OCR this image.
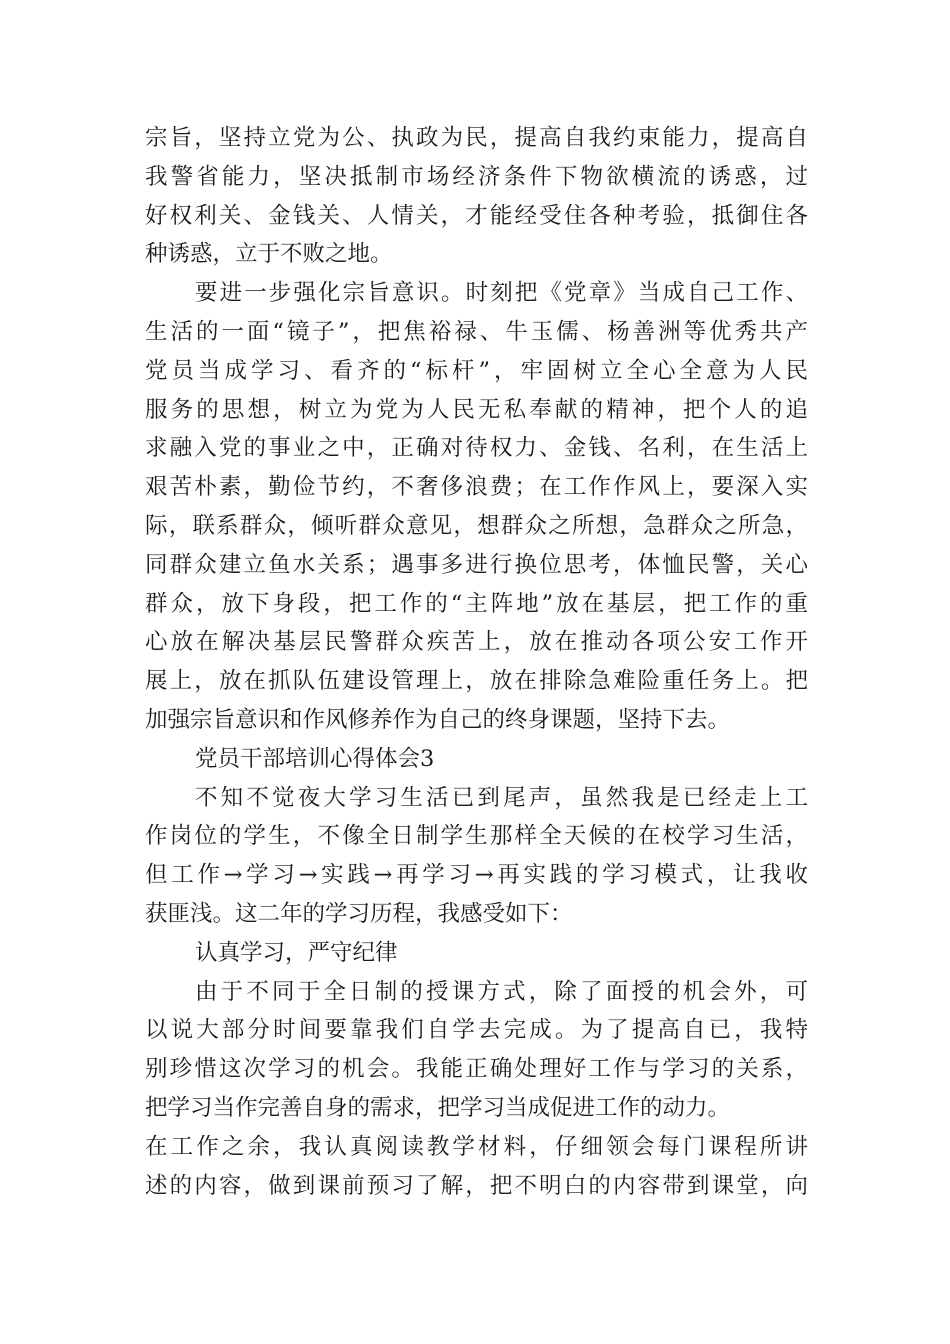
宗旨，坚持立党为公、执政为民，提高自我约束能力，提高自
我警省能力，坚决抵制市场经济条件下物欲横流的诱惑，过
好权利关、金钱关、人情关，才能经受住各种考验，抵御住各
种诱惑，立于不败之地。
要进一步强化宗旨意识。时刻把《党章》当成自己工作、
生活的一面“镜子”，把焦裕禄、牛玉儒、杨善洲等优秀共产
党员当成学习、看齐的“标杆”，牢固树立全心全意为人民
服务的思想，树立为党为人民无私奉献的精神，把个人的追
求融入党的事业之中，正确对待权力、金钱、名利，在生活上
艰苦朴素，勤俭节约，不奢侈浪费；在工作作风上，要深入实
际，联系群众，倾听群众意见，想群众之所想，急群众之所急，
同群众建立鱼水关系；遇事多进行换位思考，体恤民警，关心
群众，放下身段，把工作的“主阵地”放在基层，把工作的重
心放在解决基层民警群众疾苦上，放在推动各项公安工作开
展上，放在抓队伍建设管理上，放在排除急难险重任务上。把
加强宗旨意识和作风修养作为自己的终身课题，坚持下去。
党员干部培训心得体会3
不知不觉夜大学习生活已到尾声，虽然我是已经走上工
作岗位的学生，不像全日制学生那样全天候的在校学习生活，
但工作→学习→实践→再学习→再实践的学习模式，让我收
获匪浅。这二年的学习历程，我感受如下：
认真学习，严守纪律
由于不同于全日制的授课方式，除了面授的机会外，可
以说大部分时间要靠我们自学去完成。为了提高自已，我特
别珍惜这次学习的机会。我能正确处理好工作与学习的关系，
把学习当作完善自身的需求，把学习当成促进工作的动力。
在工作之余，我认真阅读教学材料，仔细领会每门课程所讲
述的内容，做到课前预习了解，把不明白的内容带到课堂，向
